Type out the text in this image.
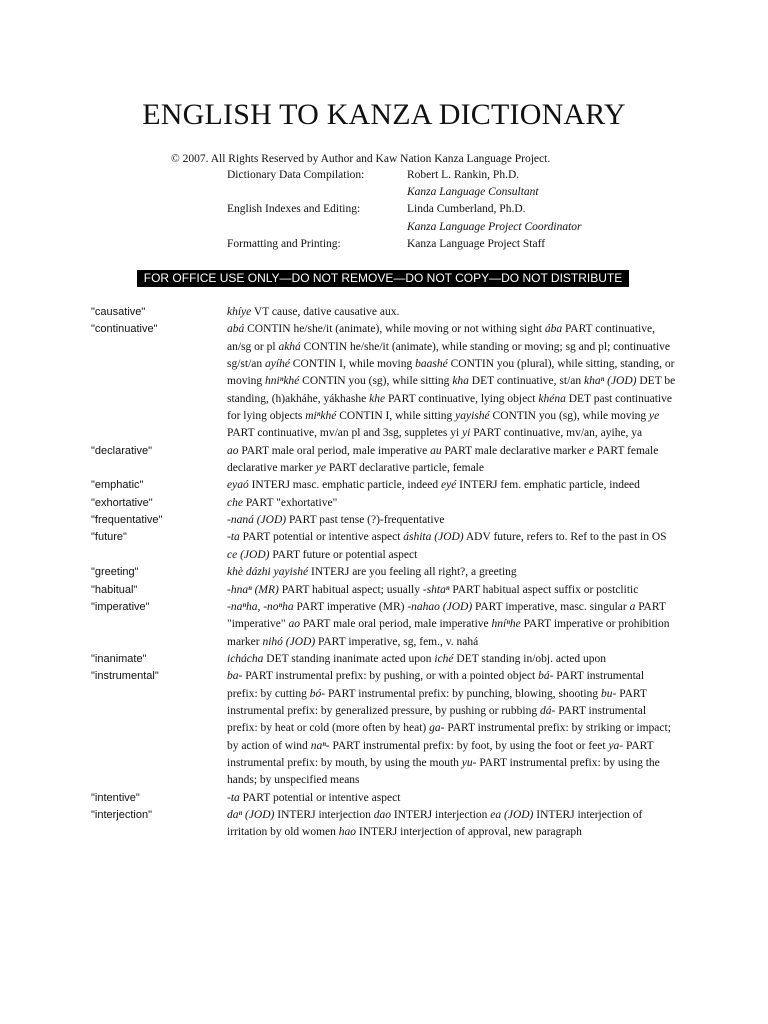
ENGLISH TO KANZA DICTIONARY
© 2007. All Rights Reserved by Author and Kaw Nation Kanza Language Project.
Dictionary Data Compilation:	Robert L. Rankin, Ph.D.
Kanza Language Consultant
English Indexes and Editing:	Linda Cumberland, Ph.D.
Kanza Language Project Coordinator
Formatting and Printing:	Kanza Language Project Staff
FOR OFFICE USE ONLY—DO NOT REMOVE—DO NOT COPY—DO NOT DISTRIBUTE
"causative"	khíye VT cause, dative causative aux.
"continuative"	abá CONTIN he/she/it (animate), while moving or not withing sight ába PART continuative, an/sg or pl akhá CONTIN he/she/it (animate), while standing or moving; sg and pl; continuative sg/st/an ayíhé CONTIN I, while moving baashé CONTIN you (plural), while sitting, standing, or moving hniⁿkhé CONTIN you (sg), while sitting kha DET continuative, st/an khaⁿ (JOD) DET be standing, (h)akháhe, yákhashe khe PART continuative, lying object khéna DET past continuative for lying objects miⁿkhé CONTIN I, while sitting yayishé CONTIN you (sg), while moving ye PART continuative, mv/an pl and 3sg, suppletes yi yi PART continuative, mv/an, ayihe, ya
"declarative"	ao PART male oral period, male imperative au PART male declarative marker e PART female declarative marker ye PART declarative particle, female
"emphatic"	eyaó INTERJ masc. emphatic particle, indeed eyé INTERJ fem. emphatic particle, indeed
"exhortative"	che PART "exhortative"
"frequentative"	-naná (JOD) PART past tense (?)-frequentative
"future"	-ta PART potential or intentive aspect áshita (JOD) ADV future, refers to. Ref to the past in OS ce (JOD) PART future or potential aspect
"greeting"	khè dázhi yayishé INTERJ are you feeling all right?, a greeting
"habitual"	-hnaⁿ (MR) PART habitual aspect; usually -shtaⁿ PART habitual aspect suffix or postclitic
"imperative"	-naⁿha, -noⁿha PART imperative (MR) -nahao (JOD) PART imperative, masc. singular a PART "imperative" ao PART male oral period, male imperative hníⁿhe PART imperative or prohibition marker nihó (JOD) PART imperative, sg, fem., v. nahá
"inanimate"	ichácha DET standing inanimate acted upon iché DET standing in/obj. acted upon
"instrumental"	ba- PART instrumental prefix: by pushing, or with a pointed object bá- PART instrumental prefix: by cutting bó- PART instrumental prefix: by punching, blowing, shooting bu- PART instrumental prefix: by generalized pressure, by pushing or rubbing dá- PART instrumental prefix: by heat or cold (more often by heat) ga- PART instrumental prefix: by striking or impact; by action of wind naⁿ- PART instrumental prefix: by foot, by using the foot or feet ya- PART instrumental prefix: by mouth, by using the mouth yu- PART instrumental prefix: by using the hands; by unspecified means
"intentive"	-ta PART potential or intentive aspect
"interjection"	daⁿ (JOD) INTERJ interjection dao INTERJ interjection ea (JOD) INTERJ interjection of irritation by old women hao INTERJ interjection of approval, new paragraph
